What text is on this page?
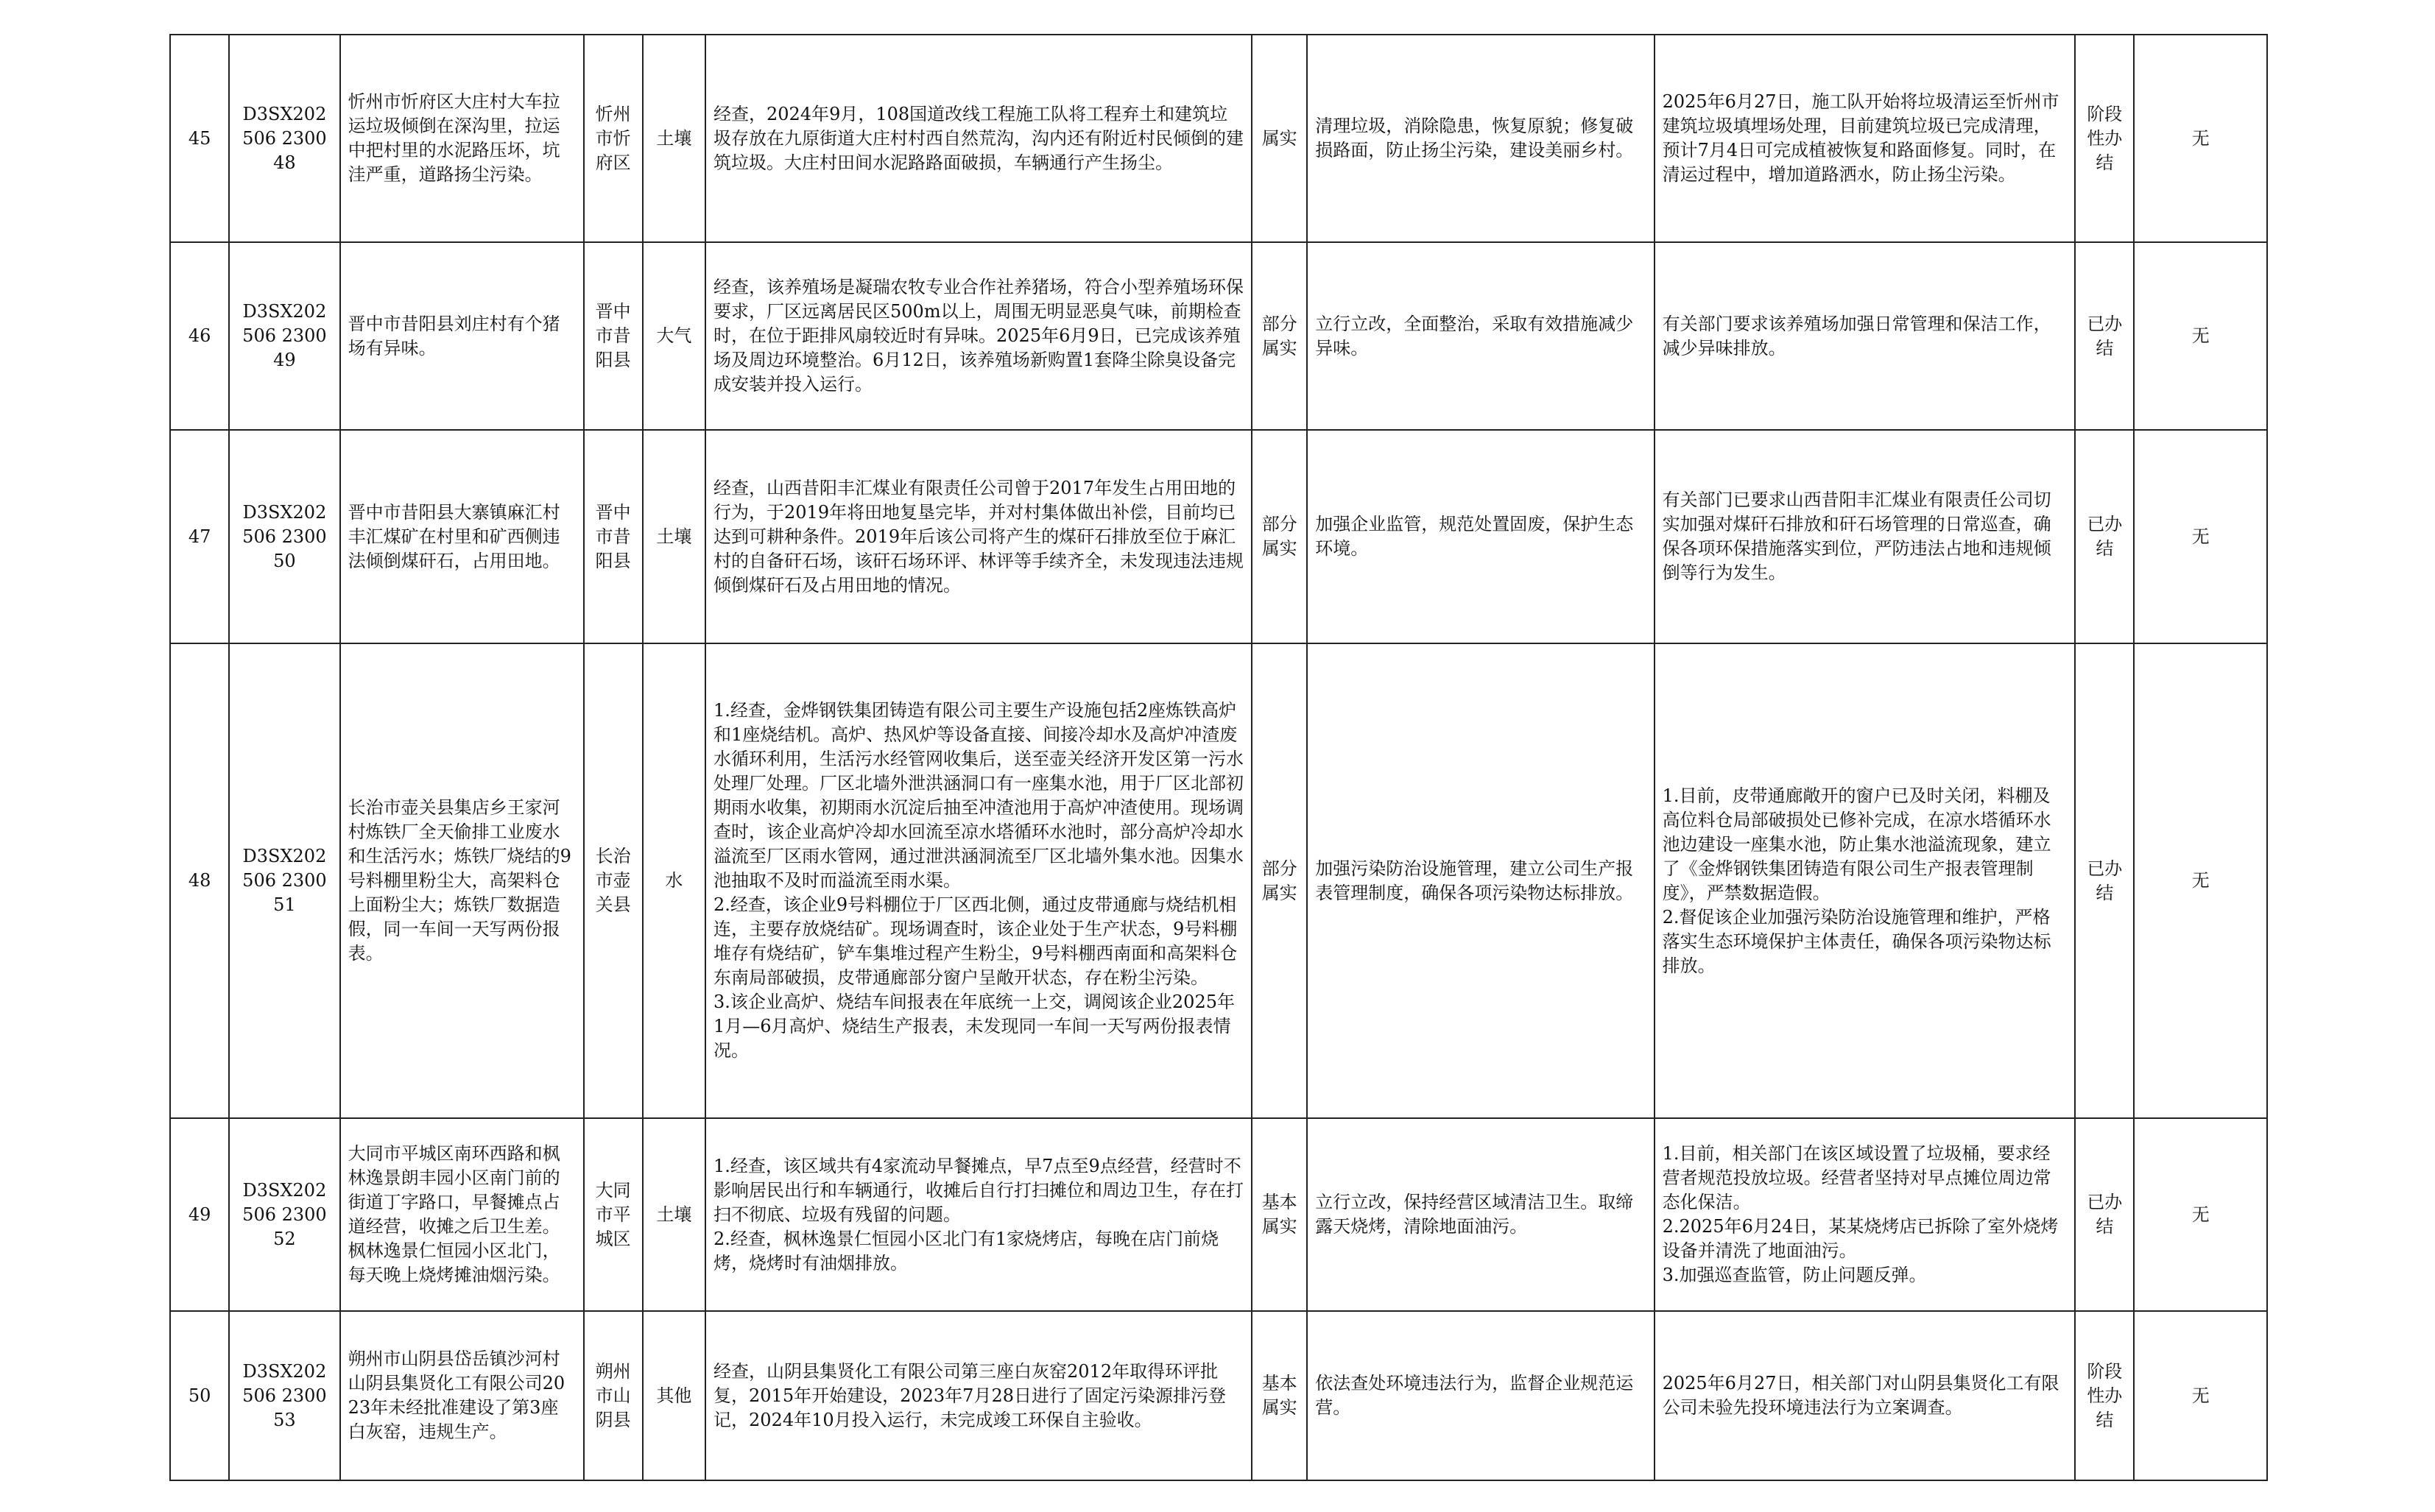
45	D3SX202506 230048	忻州市忻府区大庄村大车拉运垃圾倾倒在深沟里，拉运中把村里的水泥路压坏，坑洼严重，道路扬尘污染。	忻州市忻府区	土壤	经查，2024年9月，108国道改线工程施工队将工程弃土和建筑垃圾存放在九原街道大庄村村西自然荒沟，沟内还有附近村民倾倒的建筑垃圾。大庄村田间水泥路路面破损，车辆通行产生扬尘。	属实	清理垃圾，消除隐患，恢复原貌；修复破损路面，防止扬尘污染，建设美丽乡村。	2025年6月27日，施工队开始将垃圾清运至忻州市建筑垃圾填埋场处理，目前建筑垃圾已完成清理，预计7月4日可完成植被恢复和路面修复。同时，在清运过程中，增加道路洒水，防止扬尘污染。	阶段性办结	无
46	D3SX202506 230049	晋中市昔阳县刘庄村有个猪场有异味。	晋中市昔阳县	大气	经查，该养殖场是凝瑞农牧专业合作社养猪场，符合小型养殖场环保要求，厂区远离居民区500m以上，周围无明显恶臭气味，前期检查时，在位于距排风扇较近时有异味。2025年6月9日，已完成该养殖场及周边环境整治。6月12日，该养殖场新购置1套降尘除臭设备完成安装并投入运行。	部分属实	立行立改，全面整治，采取有效措施减少异味。	有关部门要求该养殖场加强日常管理和保洁工作，减少异味排放。	已办结	无
47	D3SX202506 230050	晋中市昔阳县大寨镇麻汇村丰汇煤矿在村里和矿西侧违法倾倒煤矸石，占用田地。	晋中市昔阳县	土壤	经查，山西昔阳丰汇煤业有限责任公司曾于2017年发生占用田地的行为，于2019年将田地复垦完毕，并对村集体做出补偿，目前均已达到可耕种条件。2019年后该公司将产生的煤矸石排放至位于麻汇村的自备矸石场，该矸石场环评、林评等手续齐全，未发现违法违规倾倒煤矸石及占用田地的情况。	部分属实	加强企业监管，规范处置固废，保护生态环境。	有关部门已要求山西昔阳丰汇煤业有限责任公司切实加强对煤矸石排放和矸石场管理的日常巡查，确保各项环保措施落实到位，严防违法占地和违规倾倒等行为发生。	已办结	无
48	D3SX202506 230051	长治市壶关县集店乡王家河村炼铁厂全天偷排工业废水和生活污水；炼铁厂烧结的9号料棚里粉尘大，高架料仓上面粉尘大；炼铁厂数据造假，同一车间一天写两份报表。	长治市壶关县	水	1.经查，金烨钢铁集团铸造有限公司主要生产设施包括2座炼铁高炉和1座烧结机。高炉、热风炉等设备直接、间接冷却水及高炉冲渣废水循环利用，生活污水经管网收集后，送至壶关经济开发区第一污水处理厂处理。厂区北墙外泄洪涵洞口有一座集水池，用于厂区北部初期雨水收集，初期雨水沉淀后抽至冲渣池用于高炉冲渣使用。现场调查时，该企业高炉冷却水回流至凉水塔循环水池时，部分高炉冷却水溢流至厂区雨水管网，通过泄洪涵洞流至厂区北墙外集水池。因集水池抽取不及时而溢流至雨水渠。
2.经查，该企业9号料棚位于厂区西北侧，通过皮带通廊与烧结机相连，主要存放烧结矿。现场调查时，该企业处于生产状态，9号料棚堆存有烧结矿，铲车集堆过程产生粉尘，9号料棚西南面和高架料仓东南局部破损，皮带通廊部分窗户呈敞开状态，存在粉尘污染。
3.该企业高炉、烧结车间报表在年底统一上交，调阅该企业2025年1月—6月高炉、烧结生产报表，未发现同一车间一天写两份报表情况。	部分属实	加强污染防治设施管理，建立公司生产报表管理制度，确保各项污染物达标排放。	1.目前，皮带通廊敞开的窗户已及时关闭，料棚及高位料仓局部破损处已修补完成，在凉水塔循环水池边建设一座集水池，防止集水池溢流现象，建立了《金烨钢铁集团铸造有限公司生产报表管理制度》，严禁数据造假。
2.督促该企业加强污染防治设施管理和维护，严格落实生态环境保护主体责任，确保各项污染物达标排放。	已办结	无
49	D3SX202506 230052	大同市平城区南环西路和枫林逸景朗丰园小区南门前的街道丁字路口，早餐摊点占道经营，收摊之后卫生差。枫林逸景仁恒园小区北门，每天晚上烧烤摊油烟污染。	大同市平城区	土壤	1.经查，该区域共有4家流动早餐摊点，早7点至9点经营，经营时不影响居民出行和车辆通行，收摊后自行打扫摊位和周边卫生，存在打扫不彻底、垃圾有残留的问题。
2.经查，枫林逸景仁恒园小区北门有1家烧烤店，每晚在店门前烧烤，烧烤时有油烟排放。	基本属实	立行立改，保持经营区域清洁卫生。取缔露天烧烤，清除地面油污。	1.目前，相关部门在该区域设置了垃圾桶，要求经营者规范投放垃圾。经营者坚持对早点摊位周边常态化保洁。
2.2025年6月24日，某某烧烤店已拆除了室外烧烤设备并清洗了地面油污。
3.加强巡查监管，防止问题反弹。	已办结	无
50	D3SX202506 230053	朔州市山阴县岱岳镇沙河村山阴县集贤化工有限公司2023年未经批准建设了第3座白灰窑，违规生产。	朔州市山阴县	其他	经查，山阴县集贤化工有限公司第三座白灰窑2012年取得环评批复，2015年开始建设，2023年7月28日进行了固定污染源排污登记，2024年10月投入运行，未完成竣工环保自主验收。	基本属实	依法查处环境违法行为，监督企业规范运营。	2025年6月27日，相关部门对山阴县集贤化工有限公司未验先投环境违法行为立案调查。	阶段性办结	无
